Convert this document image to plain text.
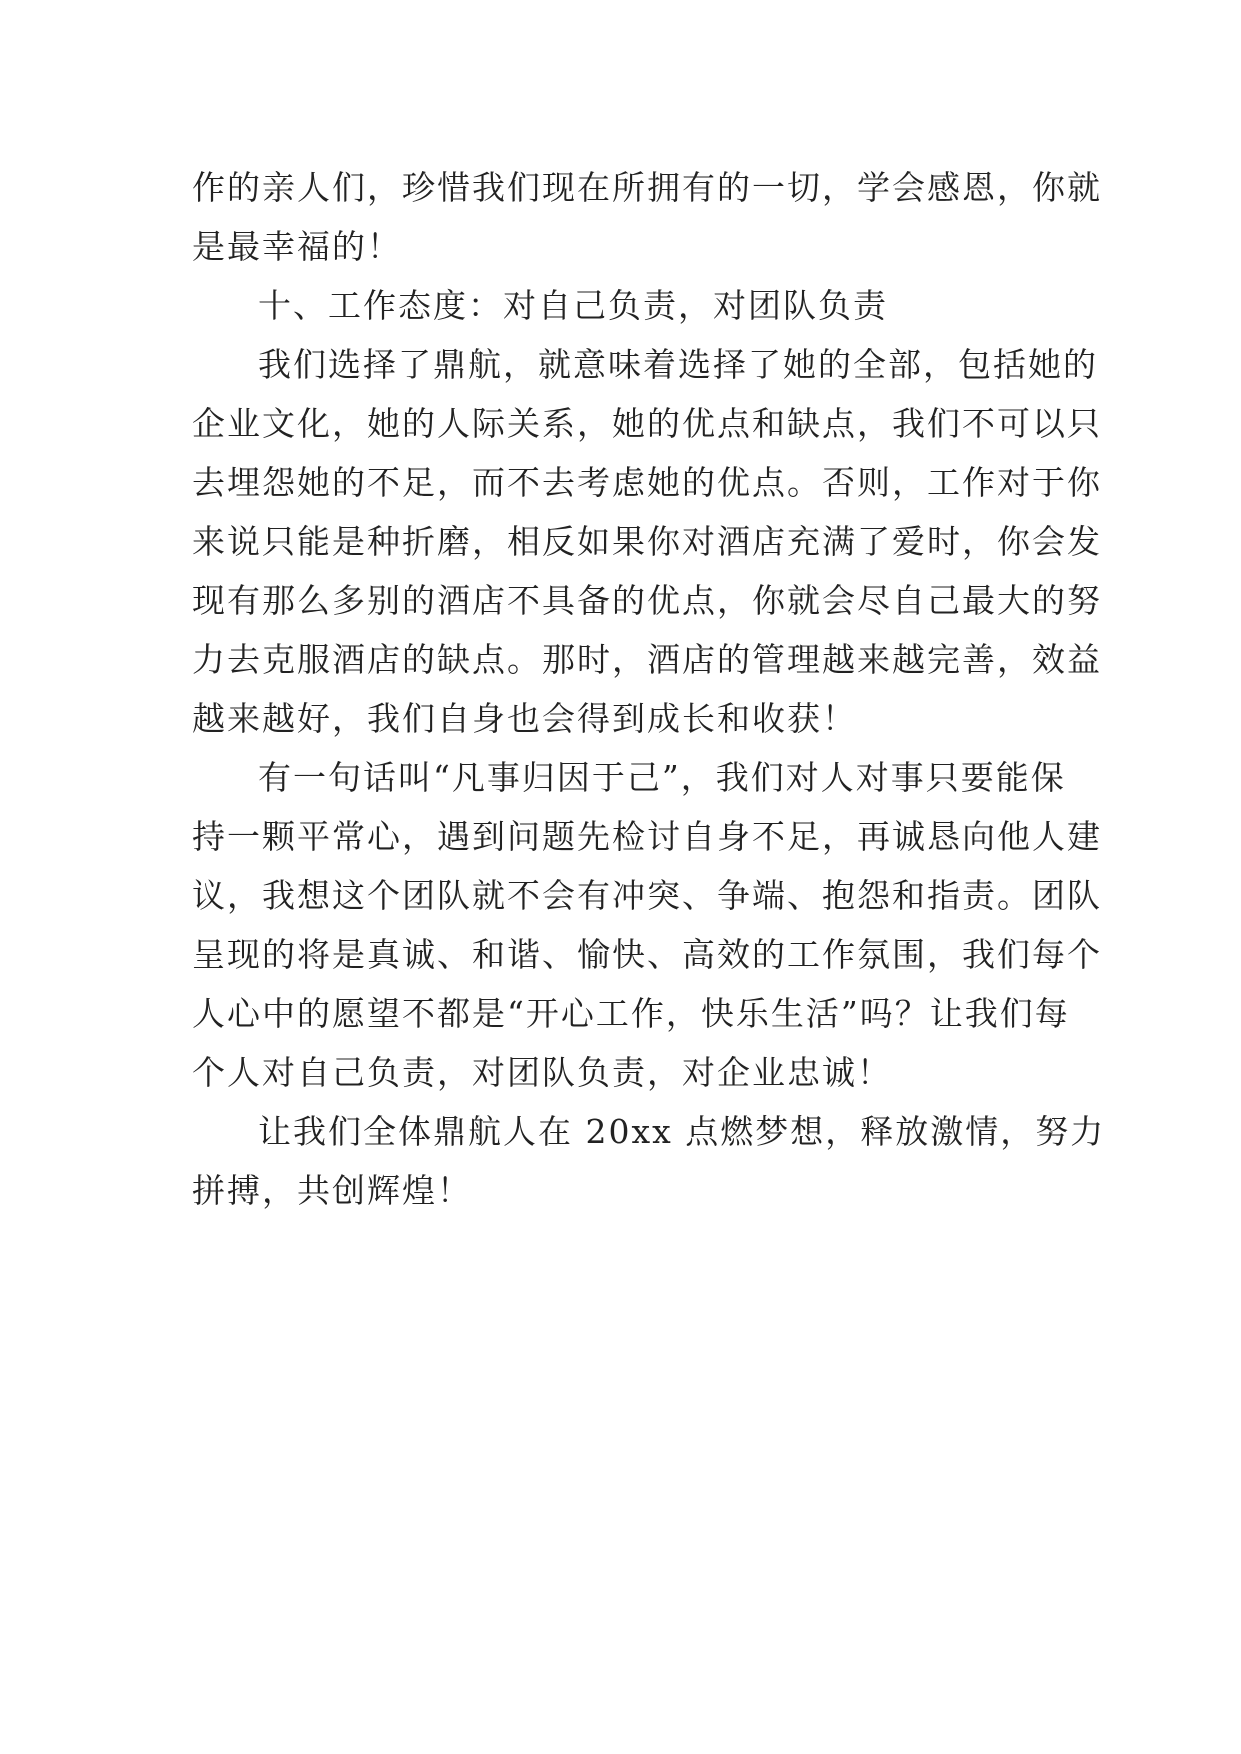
作的亲人们，珍惜我们现在所拥有的一切，学会感恩，你就
是最幸福的！
十、工作态度：对自己负责，对团队负责
我们选择了鼎航，就意味着选择了她的全部，包括她的
企业文化，她的人际关系，她的优点和缺点，我们不可以只
去埋怨她的不足，而不去考虑她的优点。否则，工作对于你
来说只能是种折磨，相反如果你对酒店充满了爱时，你会发
现有那么多别的酒店不具备的优点，你就会尽自己最大的努
力去克服酒店的缺点。那时，酒店的管理越来越完善，效益
越来越好，我们自身也会得到成长和收获！
有一句话叫“凡事归因于己”，我们对人对事只要能保
持一颗平常心，遇到问题先检讨自身不足，再诚恳向他人建
议，我想这个团队就不会有冲突、争端、抱怨和指责。团队
呈现的将是真诚、和谐、愉快、高效的工作氛围，我们每个
人心中的愿望不都是“开心工作，快乐生活”吗？让我们每
个人对自己负责，对团队负责，对企业忠诚！
让我们全体鼎航人在 20xx 点燃梦想，释放激情，努力
拼搏，共创辉煌！
